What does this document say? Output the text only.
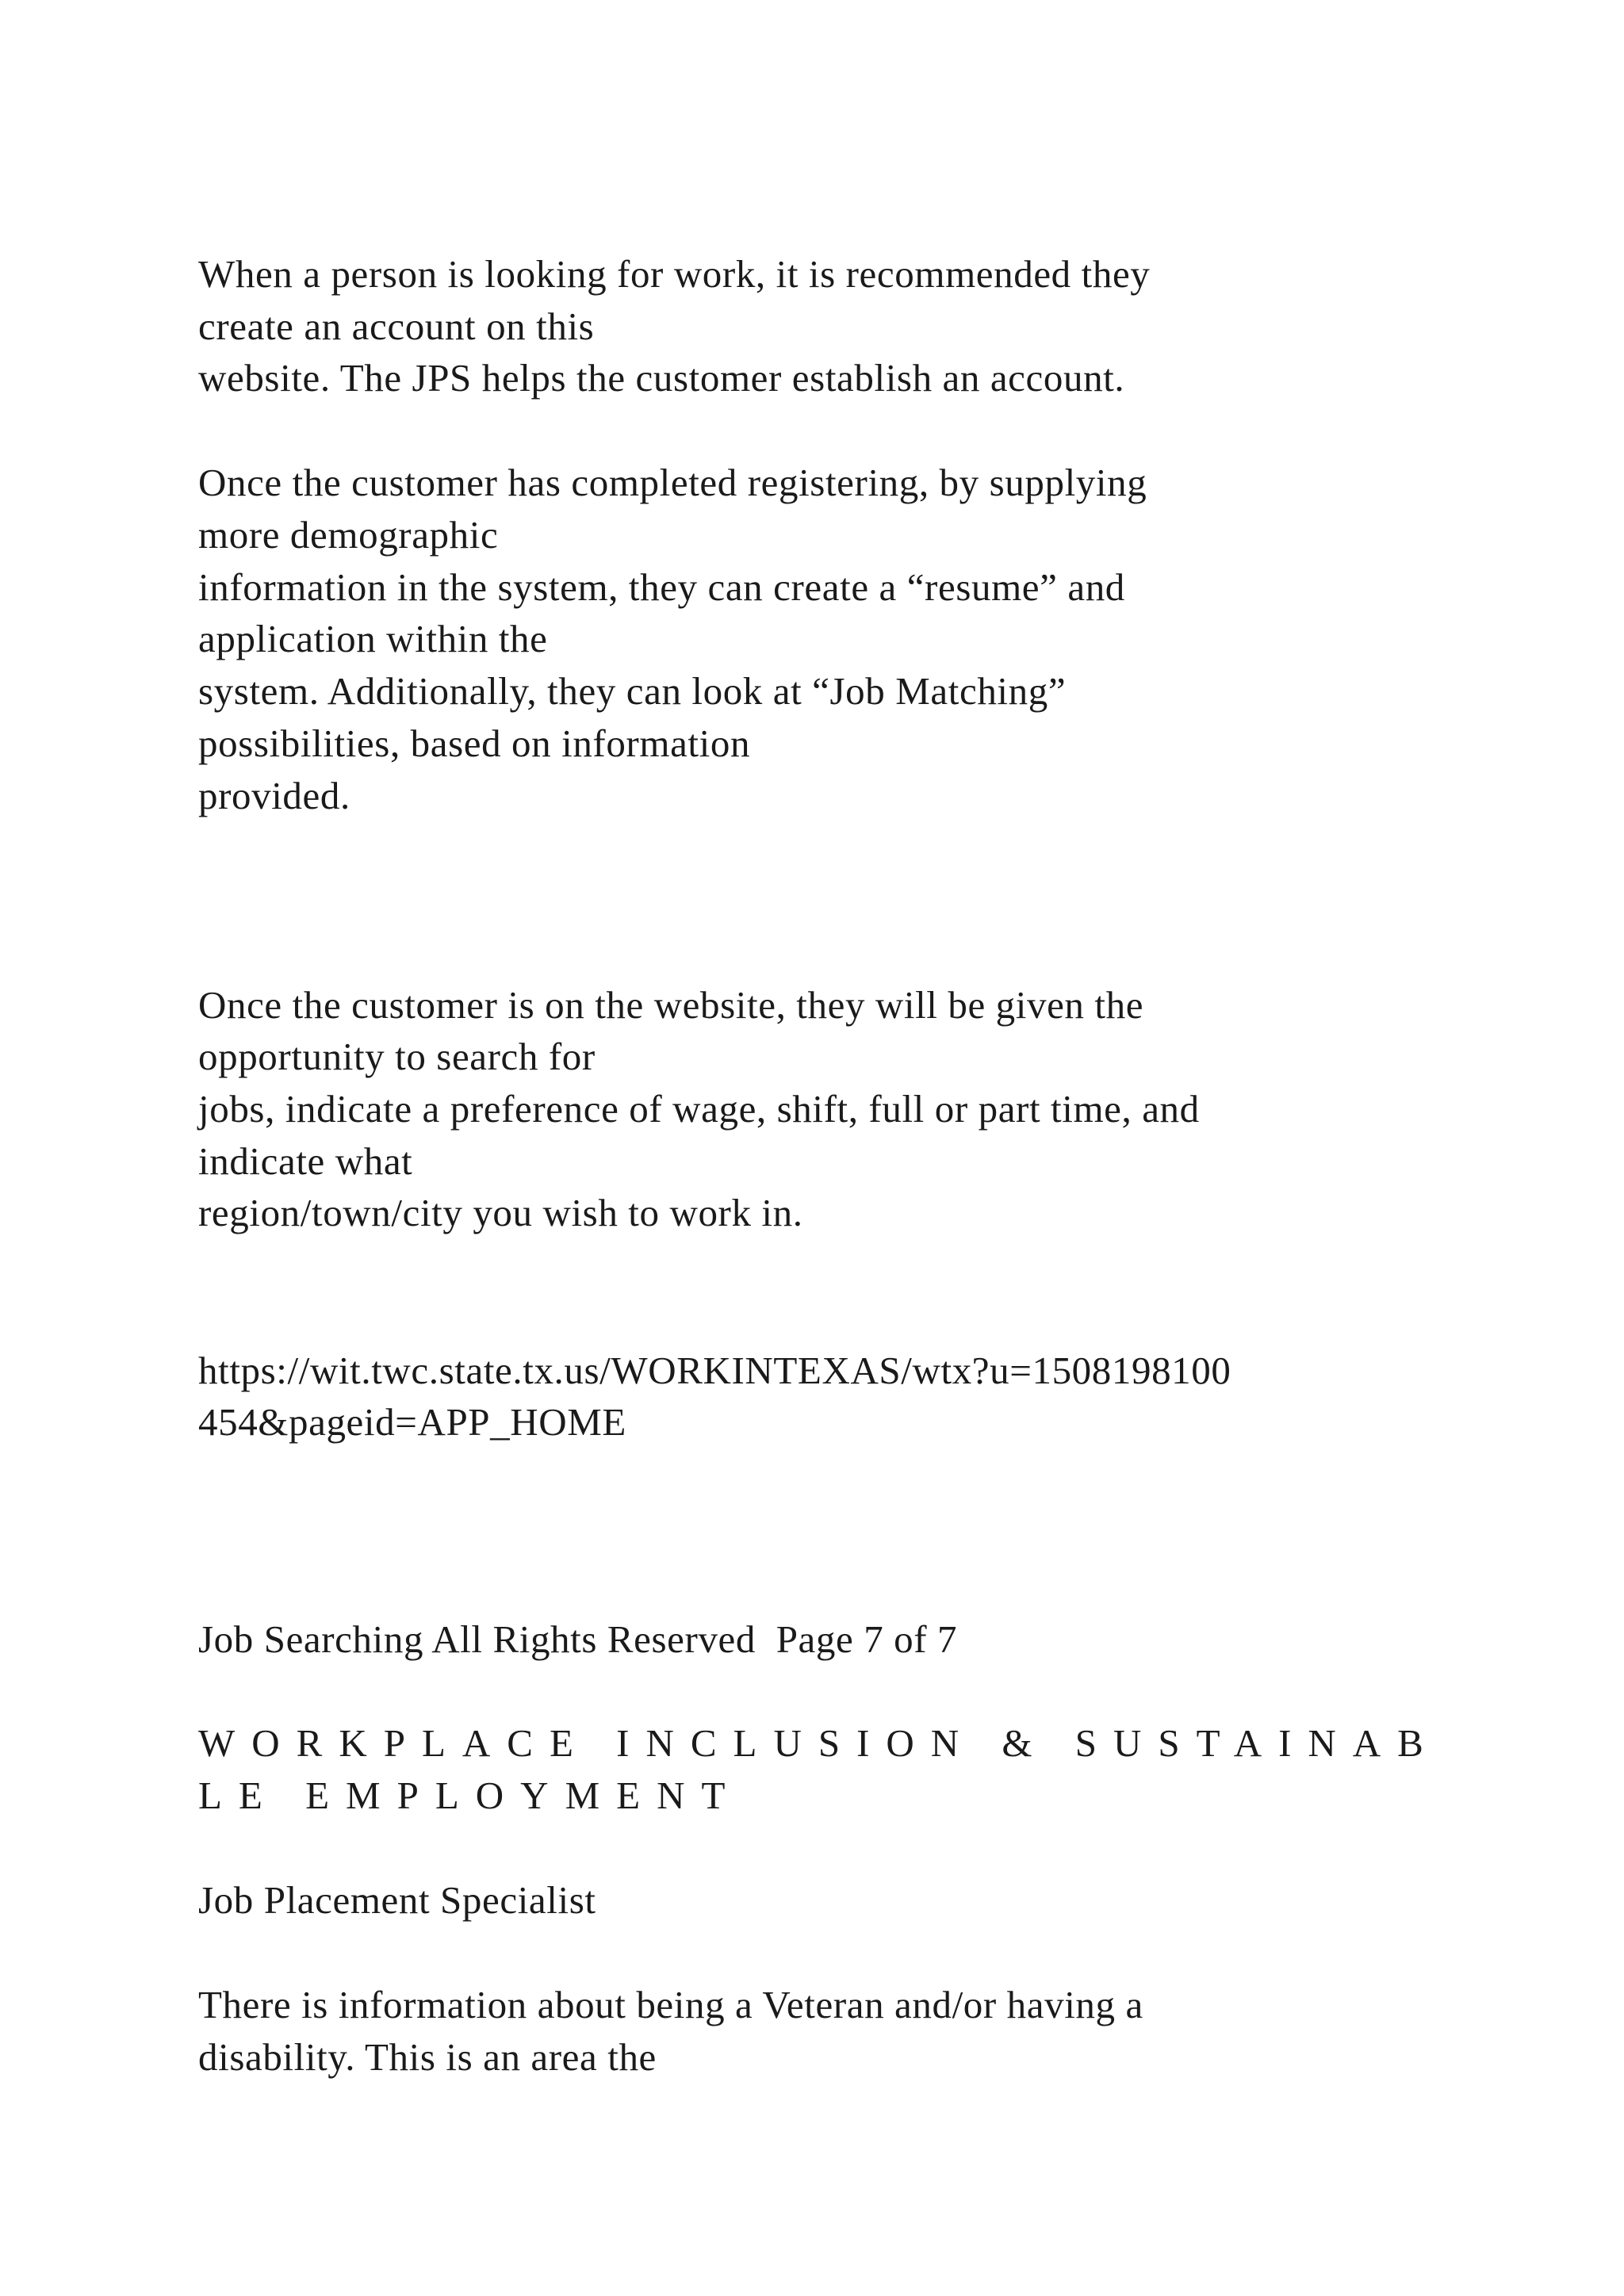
When a person is looking for work, it is recommended they
create an account on this
website. The JPS helps the customer establish an account.
Once the customer has completed registering, by supplying
more demographic
information in the system, they can create a “resume” and
application within the
system. Additionally, they can look at “Job Matching”
possibilities, based on information
provided.
Once the customer is on the website, they will be given the
opportunity to search for
jobs, indicate a preference of wage, shift, full or part time, and
indicate what
region/town/city you wish to work in.
https://wit.twc.state.tx.us/WORKINTEXAS/wtx?u=1508198100
454&pageid=APP_HOME
Job Searching All Rights Reserved  Page 7 of 7
WORKPLACE INCLUSION & SUSTAINAB
LE EMPLOYMENT
Job Placement Specialist
There is information about being a Veteran and/or having a
disability. This is an area the
